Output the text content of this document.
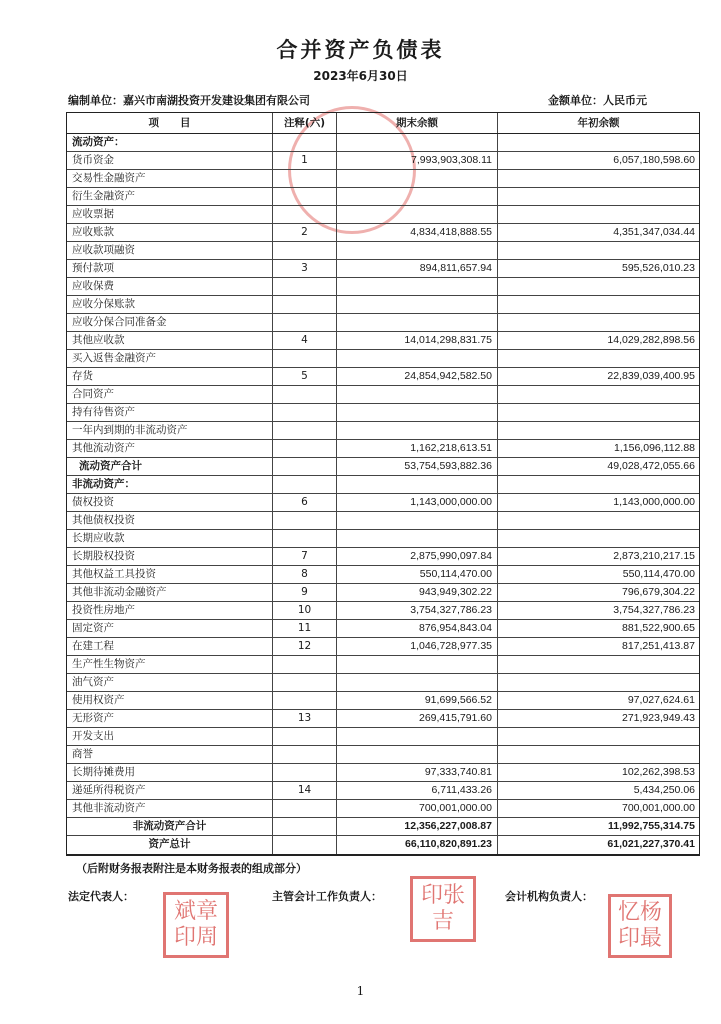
合并资产负债表
2023年6月30日
编制单位：嘉兴市南湖投资开发建设集团有限公司	金额单位：人民币元
项　　目	注释(六)	期末余额	年初余额
流动资产：
货币资金	1	7,993,903,308.11	6,057,180,598.60
交易性金融资产
衍生金融资产
应收票据
应收账款	2	4,834,418,888.55	4,351,347,034.44
应收款项融资
预付款项	3	894,811,657.94	595,526,010.23
应收保费
应收分保账款
应收分保合同准备金
其他应收款	4	14,014,298,831.75	14,029,282,898.56
买入返售金融资产
存货	5	24,854,942,582.50	22,839,039,400.95
合同资产
持有待售资产
一年内到期的非流动资产
其他流动资产	1,162,218,613.51	1,156,096,112.88
流动资产合计	53,754,593,882.36	49,028,472,055.66
非流动资产：
债权投资	6	1,143,000,000.00	1,143,000,000.00
其他债权投资
长期应收款
长期股权投资	7	2,875,990,097.84	2,873,210,217.15
其他权益工具投资	8	550,114,470.00	550,114,470.00
其他非流动金融资产	9	943,949,302.22	796,679,304.22
投资性房地产	10	3,754,327,786.23	3,754,327,786.23
固定资产	11	876,954,843.04	881,522,900.65
在建工程	12	1,046,728,977.35	817,251,413.87
生产性生物资产
油气资产
使用权资产	91,699,566.52	97,027,624.61
无形资产	13	269,415,791.60	271,923,949.43
开发支出
商誉
长期待摊费用	97,333,740.81	102,262,398.53
递延所得税资产	14	6,711,433.26	5,434,250.06
其他非流动资产	700,001,000.00	700,001,000.00
非流动资产合计	12,356,227,008.87	11,992,755,314.75
资产总计	66,110,820,891.23	61,021,227,370.41
（后附财务报表附注是本财务报表的组成部分）
法定代表人：	主管会计工作负责人：	会计机构负责人：
斌章
印周
印张
吉	忆杨
印最
1
